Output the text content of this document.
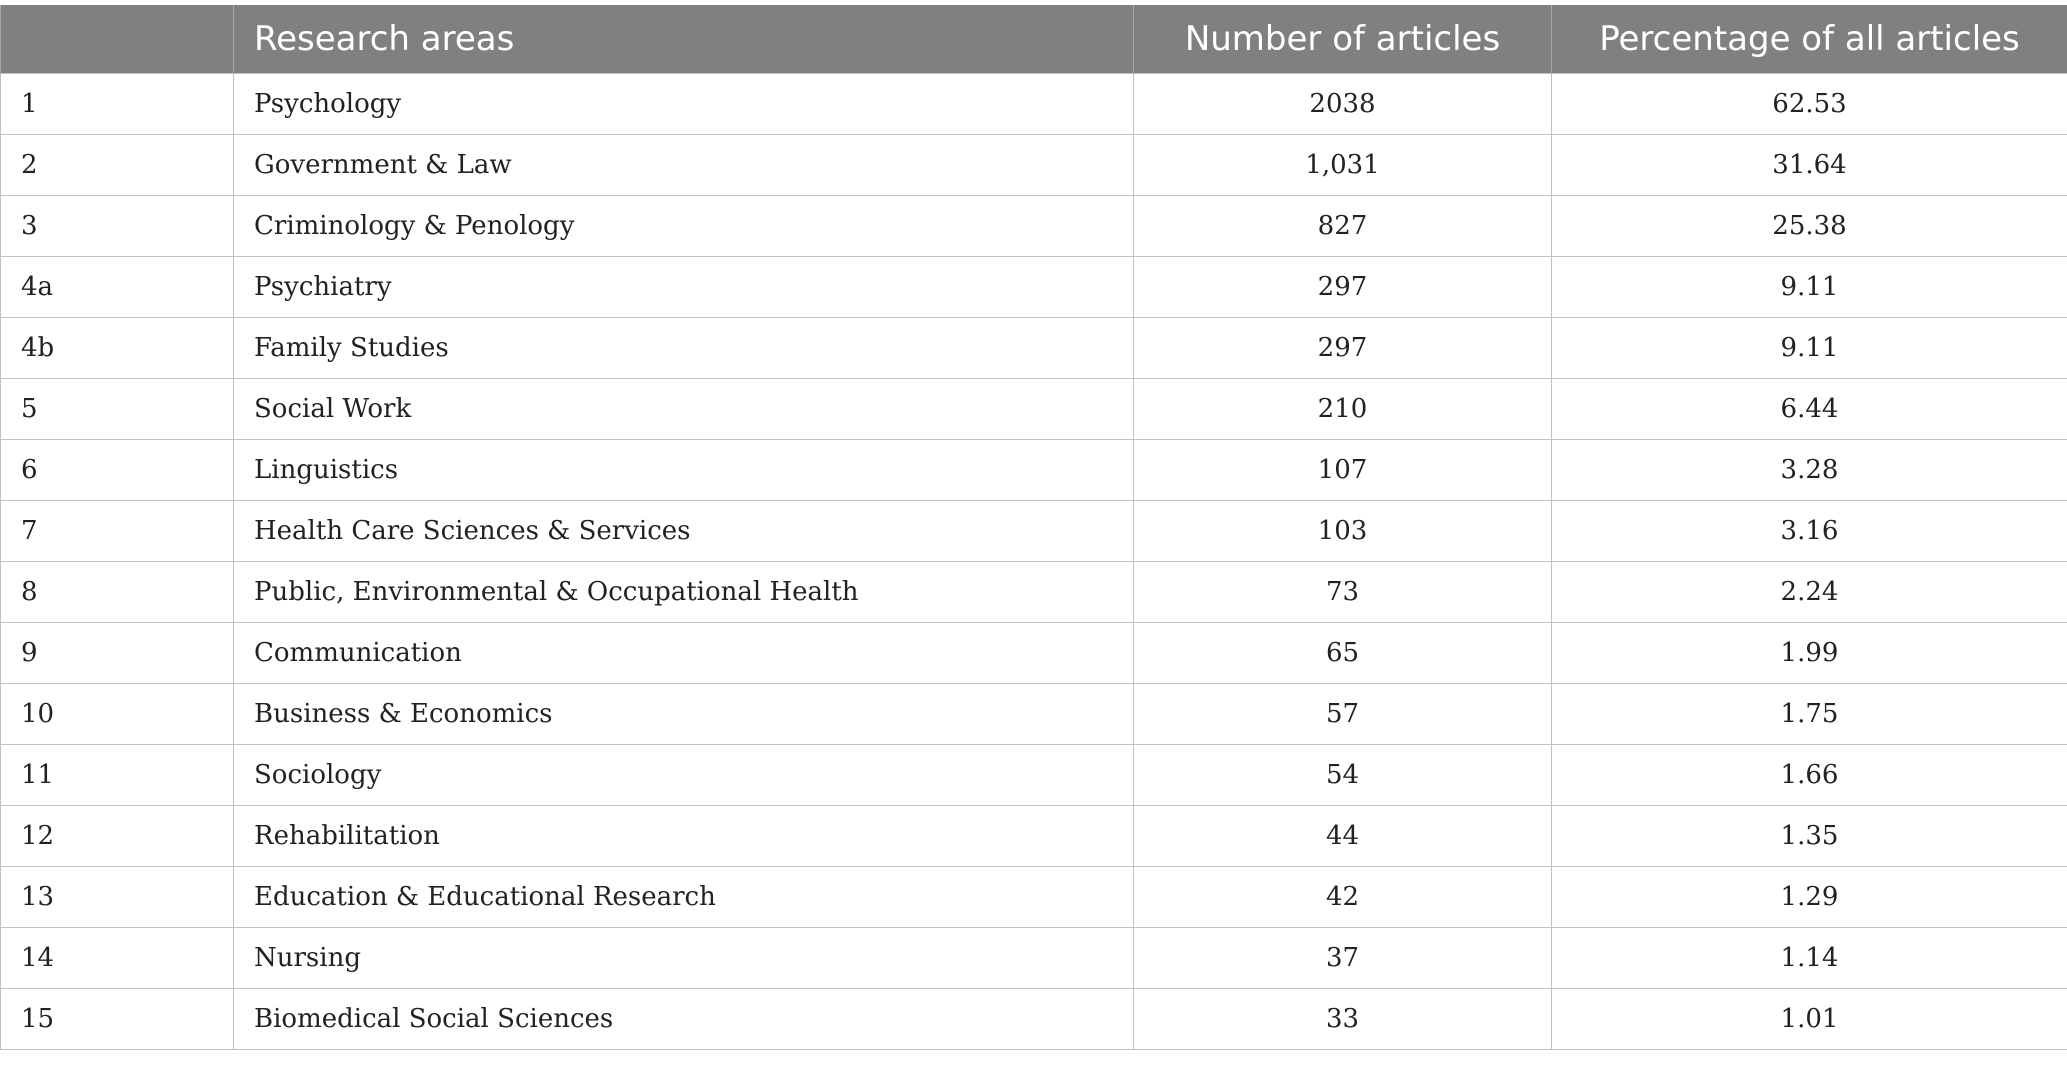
	Research areas	Number of articles	Percentage of all articles
1	Psychology	2038	62.53
2	Government & Law	1,031	31.64
3	Criminology & Penology	827	25.38
4a	Psychiatry	297	9.11
4b	Family Studies	297	9.11
5	Social Work	210	6.44
6	Linguistics	107	3.28
7	Health Care Sciences & Services	103	3.16
8	Public, Environmental & Occupational Health	73	2.24
9	Communication	65	1.99
10	Business & Economics	57	1.75
11	Sociology	54	1.66
12	Rehabilitation	44	1.35
13	Education & Educational Research	42	1.29
14	Nursing	37	1.14
15	Biomedical Social Sciences	33	1.01
